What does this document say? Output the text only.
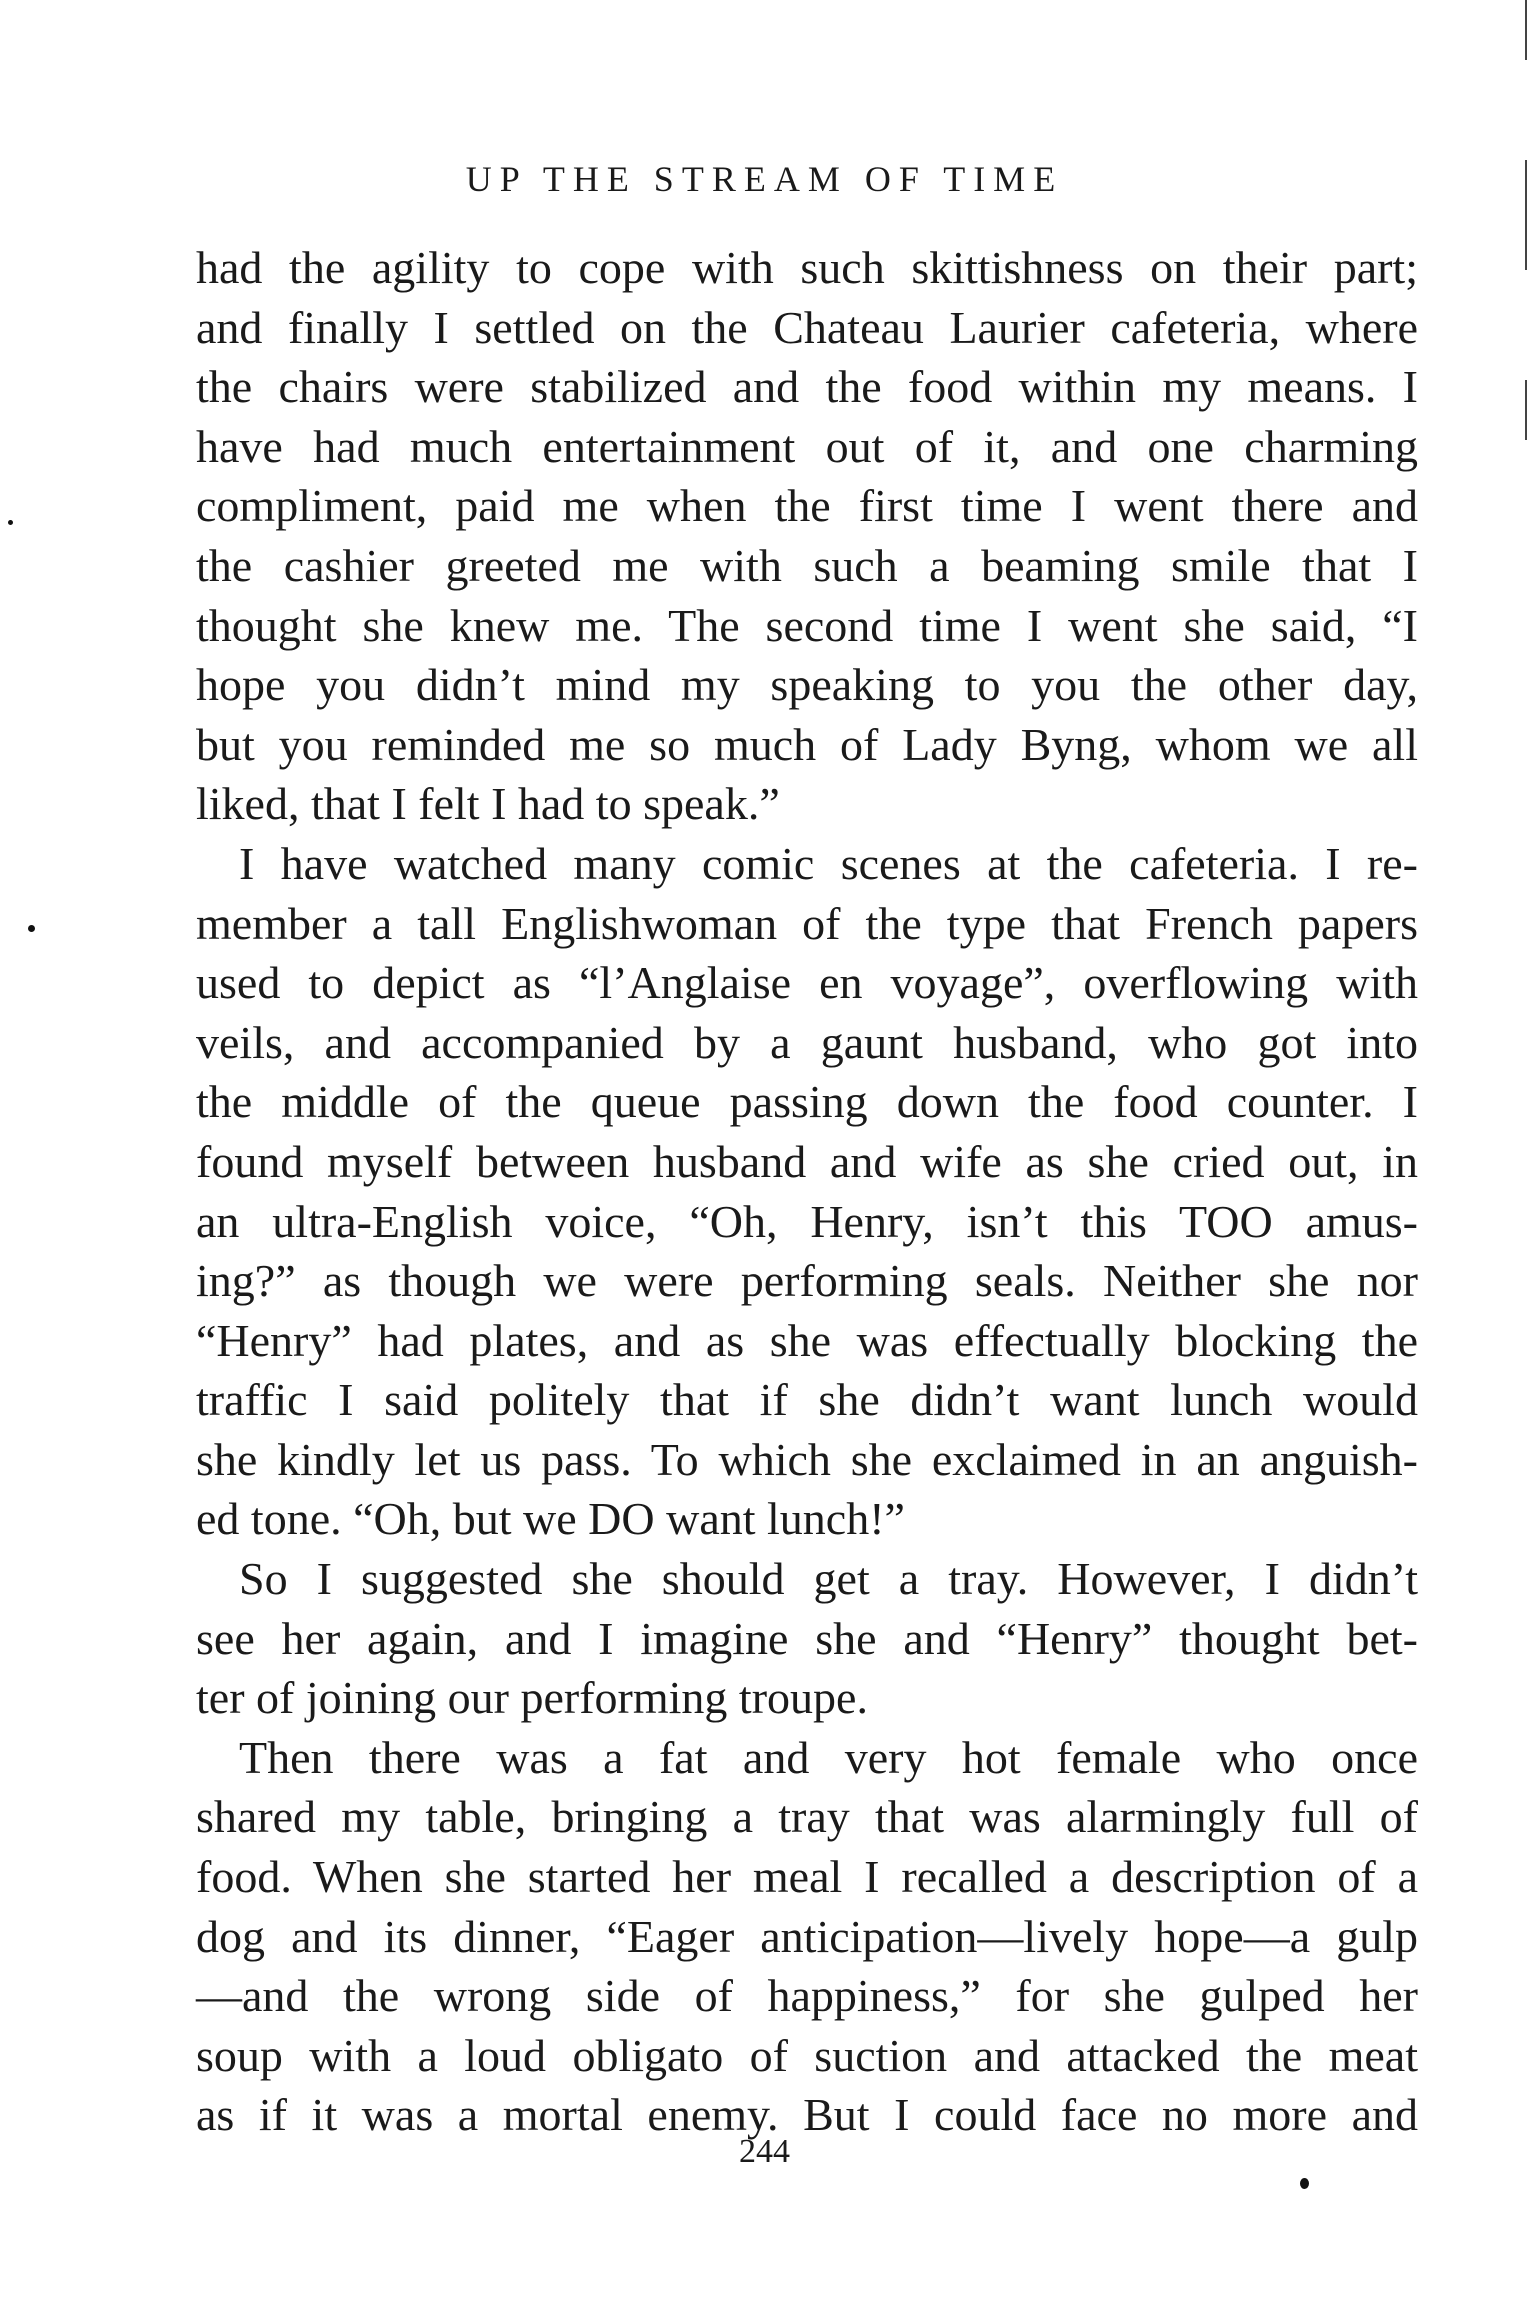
UP THE STREAM OF TIME
had the agility to cope with such skittishness on their part;
and finally I settled on the Chateau Laurier cafeteria, where
the chairs were stabilized and the food within my means. I
have had much entertainment out of it, and one charming
compliment, paid me when the first time I went there and
the cashier greeted me with such a beaming smile that I
thought she knew me. The second time I went she said, “I
hope you didn’t mind my speaking to you the other day,
but you reminded me so much of Lady Byng, whom we all
liked, that I felt I had to speak.”
I have watched many comic scenes at the cafeteria. I re-
member a tall Englishwoman of the type that French papers
used to depict as “l’Anglaise en voyage”, overflowing with
veils, and accompanied by a gaunt husband, who got into
the middle of the queue passing down the food counter. I
found myself between husband and wife as she cried out, in
an ultra-English voice, “Oh, Henry, isn’t this TOO amus-
ing?” as though we were performing seals. Neither she nor
“Henry” had plates, and as she was effectually blocking the
traffic I said politely that if she didn’t want lunch would
she kindly let us pass. To which she exclaimed in an anguish-
ed tone. “Oh, but we DO want lunch!”
So I suggested she should get a tray. However, I didn’t
see her again, and I imagine she and “Henry” thought bet-
ter of joining our performing troupe.
Then there was a fat and very hot female who once
shared my table, bringing a tray that was alarmingly full of
food. When she started her meal I recalled a description of a
dog and its dinner, “Eager anticipation—lively hope—a gulp
—and the wrong side of happiness,” for she gulped her
soup with a loud obligato of suction and attacked the meat
as if it was a mortal enemy. But I could face no more and
244
